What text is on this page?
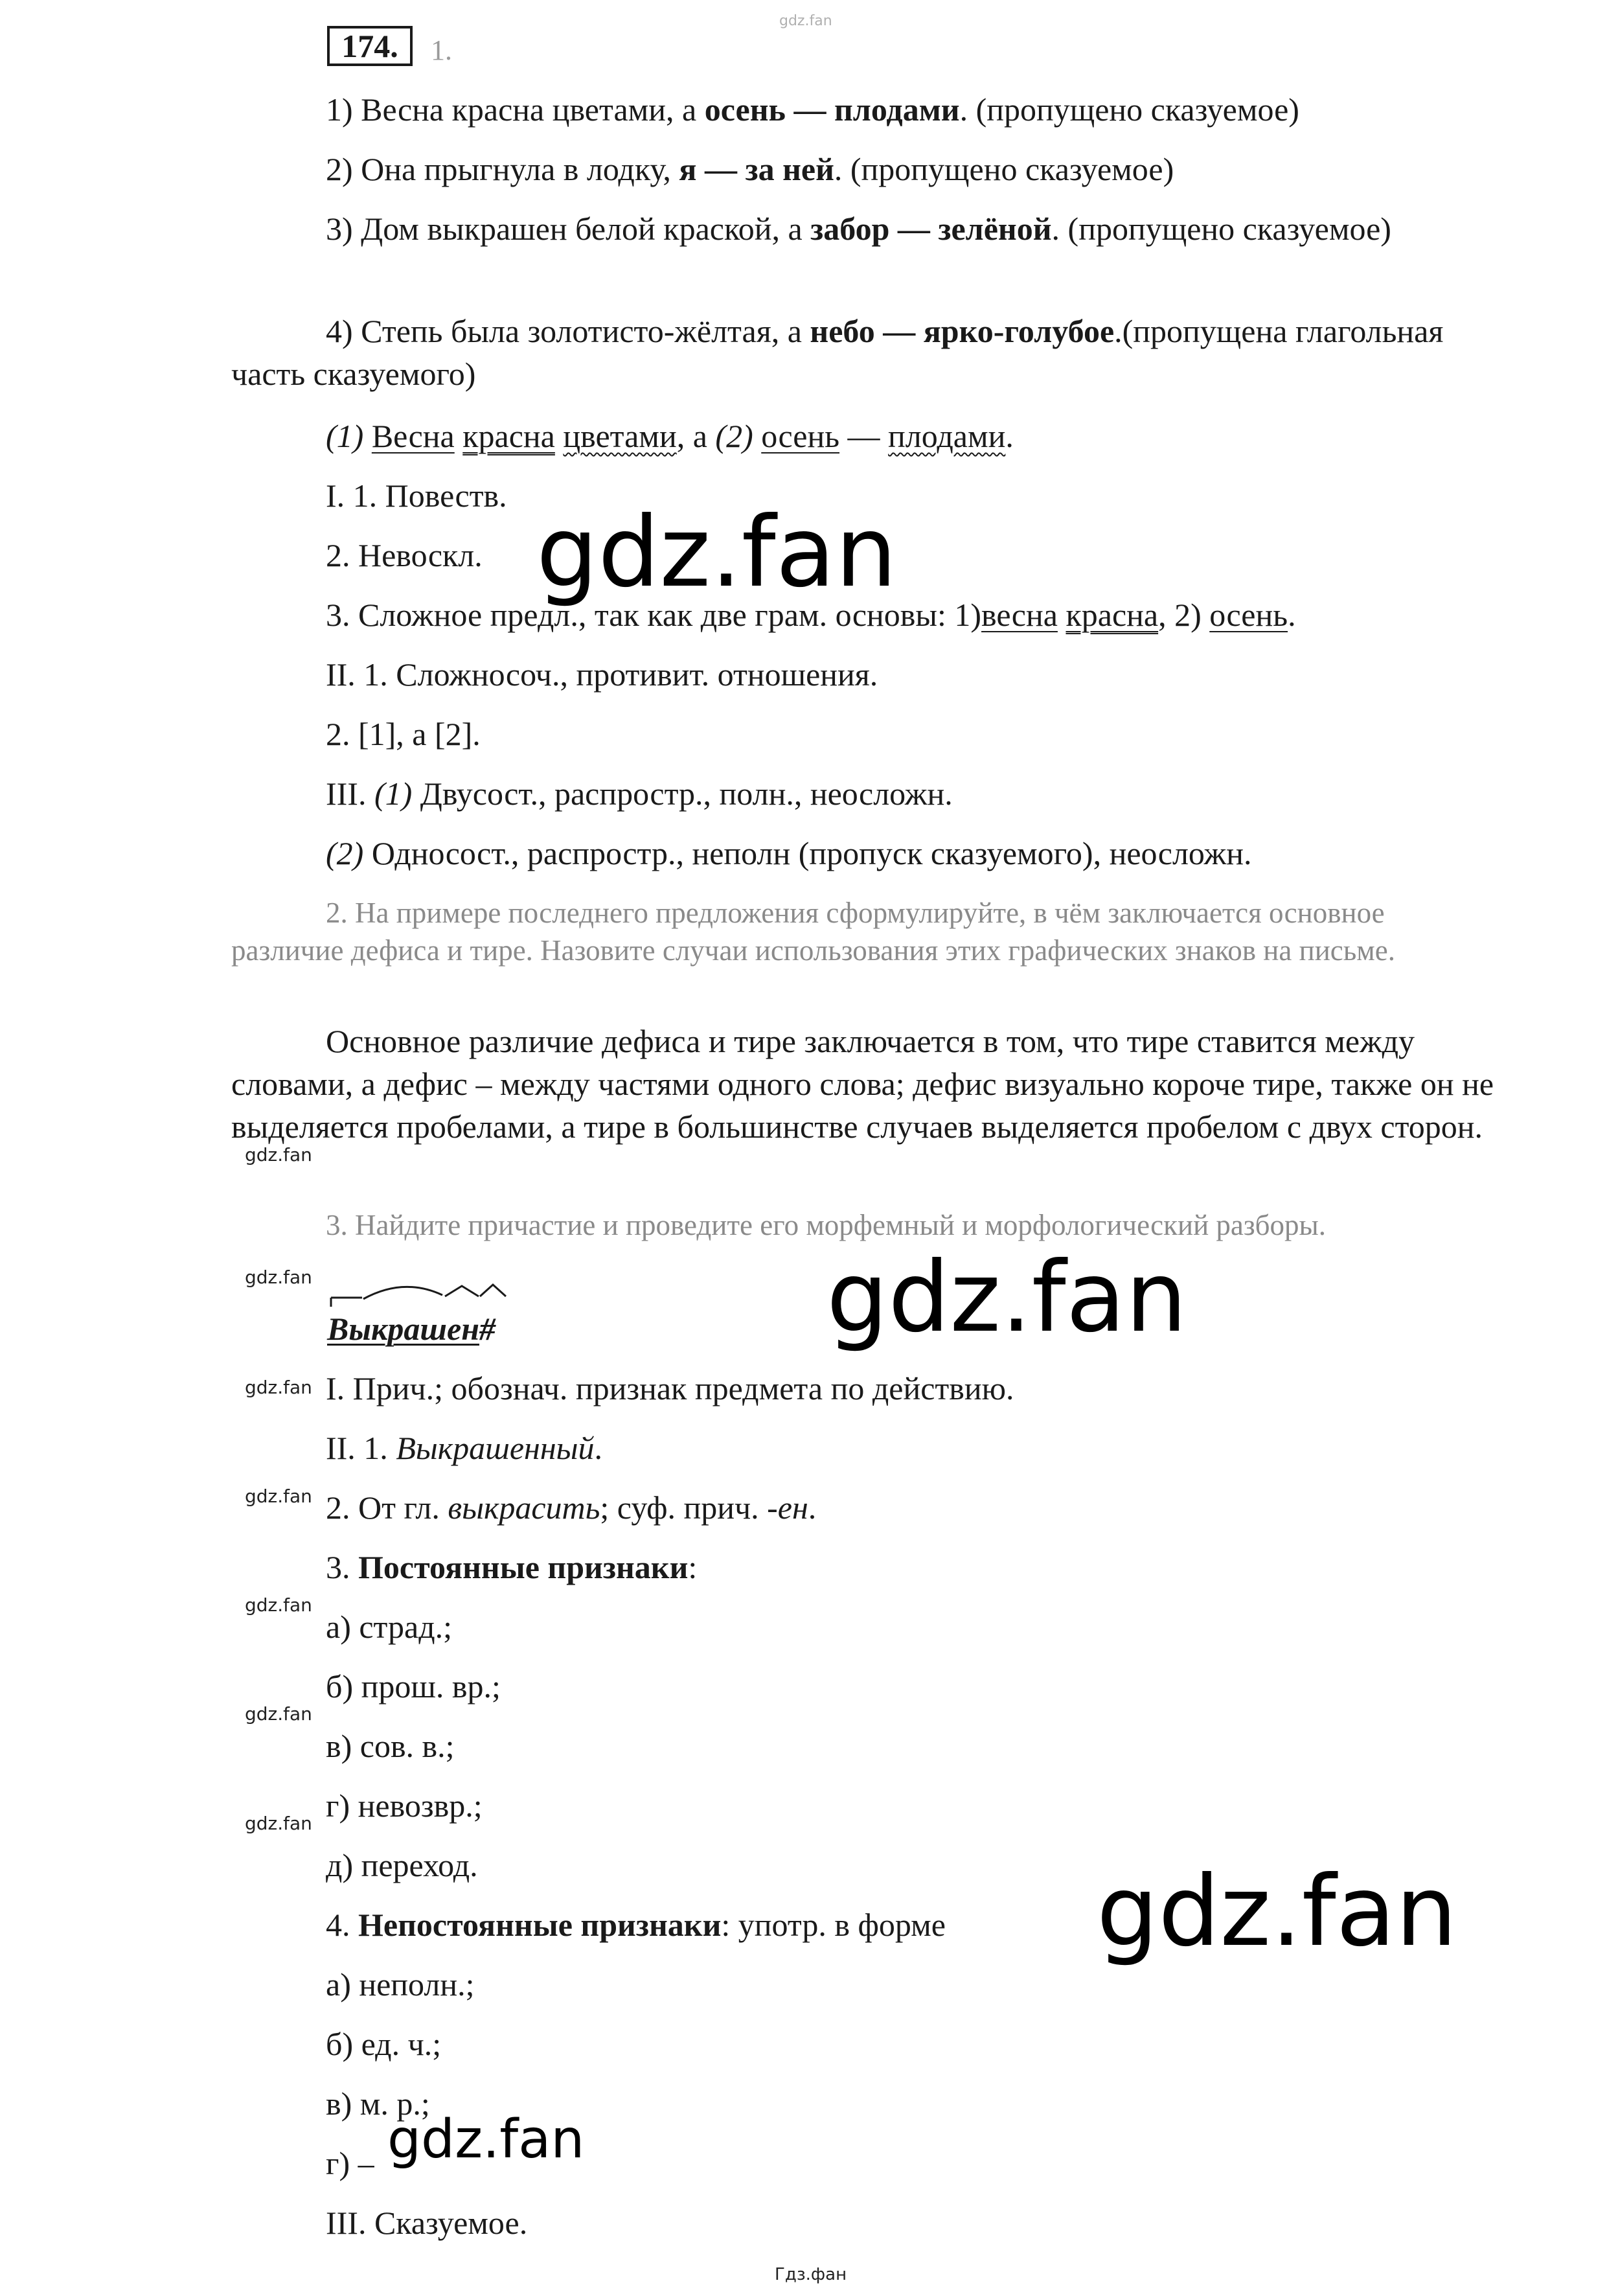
gdz.fan
174.	1.
1) Весна красна цветами, а осень — плодами. (пропущено сказуемое)
2) Она прыгнула в лодку, я — за ней. (пропущено сказуемое)
3) Дом выкрашен белой краской, а забор — зелёной. (пропущено сказуемое)
4) Степь была золотисто-жёлтая, а небо — ярко-голубое.(пропущена глагольная часть сказуемого)
(1) Весна красна цветами, а (2) осень — плодами.
I. 1. Повеств.
2. Невоскл.
3. Сложное предл., так как две грам. основы: 1)весна красна, 2) осень.
II. 1. Сложносоч., противит. отношения.
2. [1], а [2].
III. (1) Двусост., распростр., полн., неосложн.
(2) Односост., распростр., неполн (пропуск сказуемого), неосложн.
2. На примере последнего предложения сформулируйте, в чём заключается основное различие дефиса и тире. Назовите случаи использования этих графических знаков на письме.
Основное различие дефиса и тире заключается в том, что тире ставится между словами, а дефис – между частями одного слова; дефис визуально короче тире, также он не выделяется пробелами, а тире в большинстве случаев выделяется пробелом с двух сторон.
3. Найдите причастие и проведите его морфемный и морфологический разборы.
Выкрашен#
I. Прич.; обознач. признак предмета по действию.
II. 1. Выкрашенный.
2. От гл. выкрасить; суф. прич. -ен.
3. Постоянные признаки:
а) страд.;
б) прош. вр.;
в) сов. в.;
г) невозвр.;
д) переход.
4. Непостоянные признаки: употр. в форме
а) неполн.;
б) ед. ч.;
в) м. р.;
г) –
III. Сказуемое.
gdz.fan
gdz.fan
gdz.fan
gdz.fan
gdz.fan
gdz.fan
gdz.fan
gdz.fan
gdz.fan
gdz.fan
gdz.fan
Гдз.фан
